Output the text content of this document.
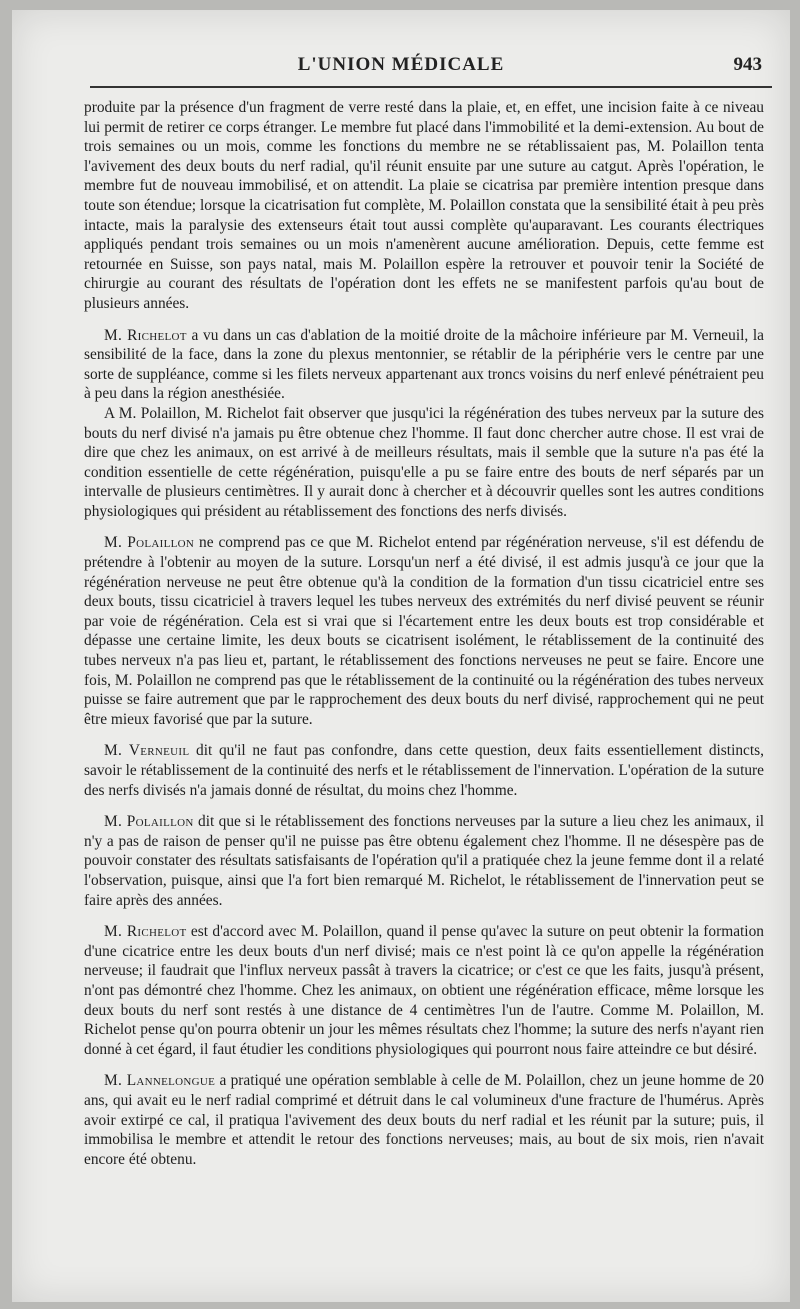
L'UNION MÉDICALE	943

produite par la présence d'un fragment de verre resté dans la plaie, et, en effet, une incision faite à ce niveau lui permit de retirer ce corps étranger. Le membre fut placé dans l'immobilité et la demi-extension. Au bout de trois semaines ou un mois, comme les fonctions du membre ne se rétablissaient pas, M. Polaillon tenta l'avivement des deux bouts du nerf radial, qu'il réunit ensuite par une suture au catgut. Après l'opération, le membre fut de nouveau immobilisé, et on attendit. La plaie se cicatrisa par première intention presque dans toute son étendue; lorsque la cicatrisation fut complète, M. Polaillon constata que la sensibilité était à peu près intacte, mais la paralysie des extenseurs était tout aussi complète qu'auparavant. Les courants électriques appliqués pendant trois semaines ou un mois n'amenèrent aucune amélioration. Depuis, cette femme est retournée en Suisse, son pays natal, mais M. Polaillon espère la retrouver et pouvoir tenir la Société de chirurgie au courant des résultats de l'opération dont les effets ne se manifestent parfois qu'au bout de plusieurs années.

M. Richelot a vu dans un cas d'ablation de la moitié droite de la mâchoire inférieure par M. Verneuil, la sensibilité de la face, dans la zone du plexus mentonnier, se rétablir de la périphérie vers le centre par une sorte de suppléance, comme si les filets nerveux appartenant aux troncs voisins du nerf enlevé pénétraient peu à peu dans la région anesthésiée.

A M. Polaillon, M. Richelot fait observer que jusqu'ici la régénération des tubes nerveux par la suture des bouts du nerf divisé n'a jamais pu être obtenue chez l'homme. Il faut donc chercher autre chose. Il est vrai de dire que chez les animaux, on est arrivé à de meilleurs résultats, mais il semble que la suture n'a pas été la condition essentielle de cette régénération, puisqu'elle a pu se faire entre des bouts de nerf séparés par un intervalle de plusieurs centimètres. Il y aurait donc à chercher et à découvrir quelles sont les autres conditions physiologiques qui président au rétablissement des fonctions des nerfs divisés.

M. Polaillon ne comprend pas ce que M. Richelot entend par régénération nerveuse, s'il est défendu de prétendre à l'obtenir au moyen de la suture. Lorsqu'un nerf a été divisé, il est admis jusqu'à ce jour que la régénération nerveuse ne peut être obtenue qu'à la condition de la formation d'un tissu cicatriciel entre ses deux bouts, tissu cicatriciel à travers lequel les tubes nerveux des extrémités du nerf divisé peuvent se réunir par voie de régénération. Cela est si vrai que si l'écartement entre les deux bouts est trop considérable et dépasse une certaine limite, les deux bouts se cicatrisent isolément, le rétablissement de la continuité des tubes nerveux n'a pas lieu et, partant, le rétablissement des fonctions nerveuses ne peut se faire. Encore une fois, M. Polaillon ne comprend pas que le rétablissement de la continuité ou la régénération des tubes nerveux puisse se faire autrement que par le rapprochement des deux bouts du nerf divisé, rapprochement qui ne peut être mieux favorisé que par la suture.

M. Verneuil dit qu'il ne faut pas confondre, dans cette question, deux faits essentiellement distincts, savoir le rétablissement de la continuité des nerfs et le rétablissement de l'innervation. L'opération de la suture des nerfs divisés n'a jamais donné de résultat, du moins chez l'homme.

M. Polaillon dit que si le rétablissement des fonctions nerveuses par la suture a lieu chez les animaux, il n'y a pas de raison de penser qu'il ne puisse pas être obtenu également chez l'homme. Il ne désespère pas de pouvoir constater des résultats satisfaisants de l'opération qu'il a pratiquée chez la jeune femme dont il a relaté l'observation, puisque, ainsi que l'a fort bien remarqué M. Richelot, le rétablissement de l'innervation peut se faire après des années.

M. Richelot est d'accord avec M. Polaillon, quand il pense qu'avec la suture on peut obtenir la formation d'une cicatrice entre les deux bouts d'un nerf divisé; mais ce n'est point là ce qu'on appelle la régénération nerveuse; il faudrait que l'influx nerveux passât à travers la cicatrice; or c'est ce que les faits, jusqu'à présent, n'ont pas démontré chez l'homme. Chez les animaux, on obtient une régénération efficace, même lorsque les deux bouts du nerf sont restés à une distance de 4 centimètres l'un de l'autre. Comme M. Polaillon, M. Richelot pense qu'on pourra obtenir un jour les mêmes résultats chez l'homme; la suture des nerfs n'ayant rien donné à cet égard, il faut étudier les conditions physiologiques qui pourront nous faire atteindre ce but désiré.

M. Lannelongue a pratiqué une opération semblable à celle de M. Polaillon, chez un jeune homme de 20 ans, qui avait eu le nerf radial comprimé et détruit dans le cal volumineux d'une fracture de l'humérus. Après avoir extirpé ce cal, il pratiqua l'avivement des deux bouts du nerf radial et les réunit par la suture; puis, il immobilisa le membre et attendit le retour des fonctions nerveuses; mais, au bout de six mois, rien n'avait encore été obtenu.
